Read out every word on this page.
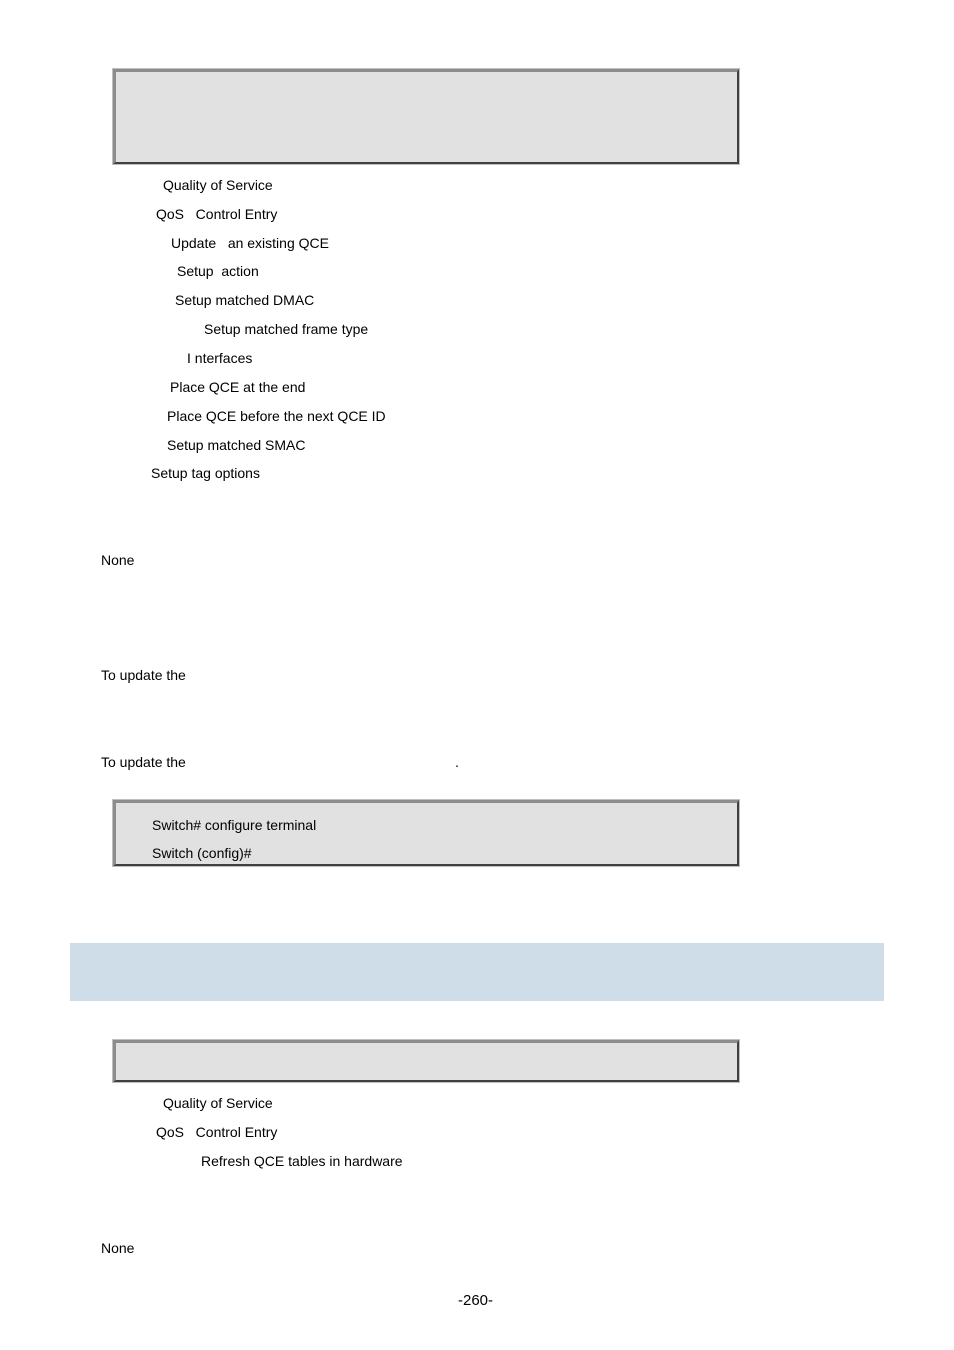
Quality of Service
QoS   Control Entry
Update   an existing QCE
Setup  action
Setup matched DMAC
Setup matched frame type
I nterfaces
Place QCE at the end
Place QCE before the next QCE ID
Setup matched SMAC
Setup tag options
None
To update the
To update the	.
Switch# configure terminal
Switch (config)#
Quality of Service
QoS   Control Entry
Refresh QCE tables in hardware
None
-260-
